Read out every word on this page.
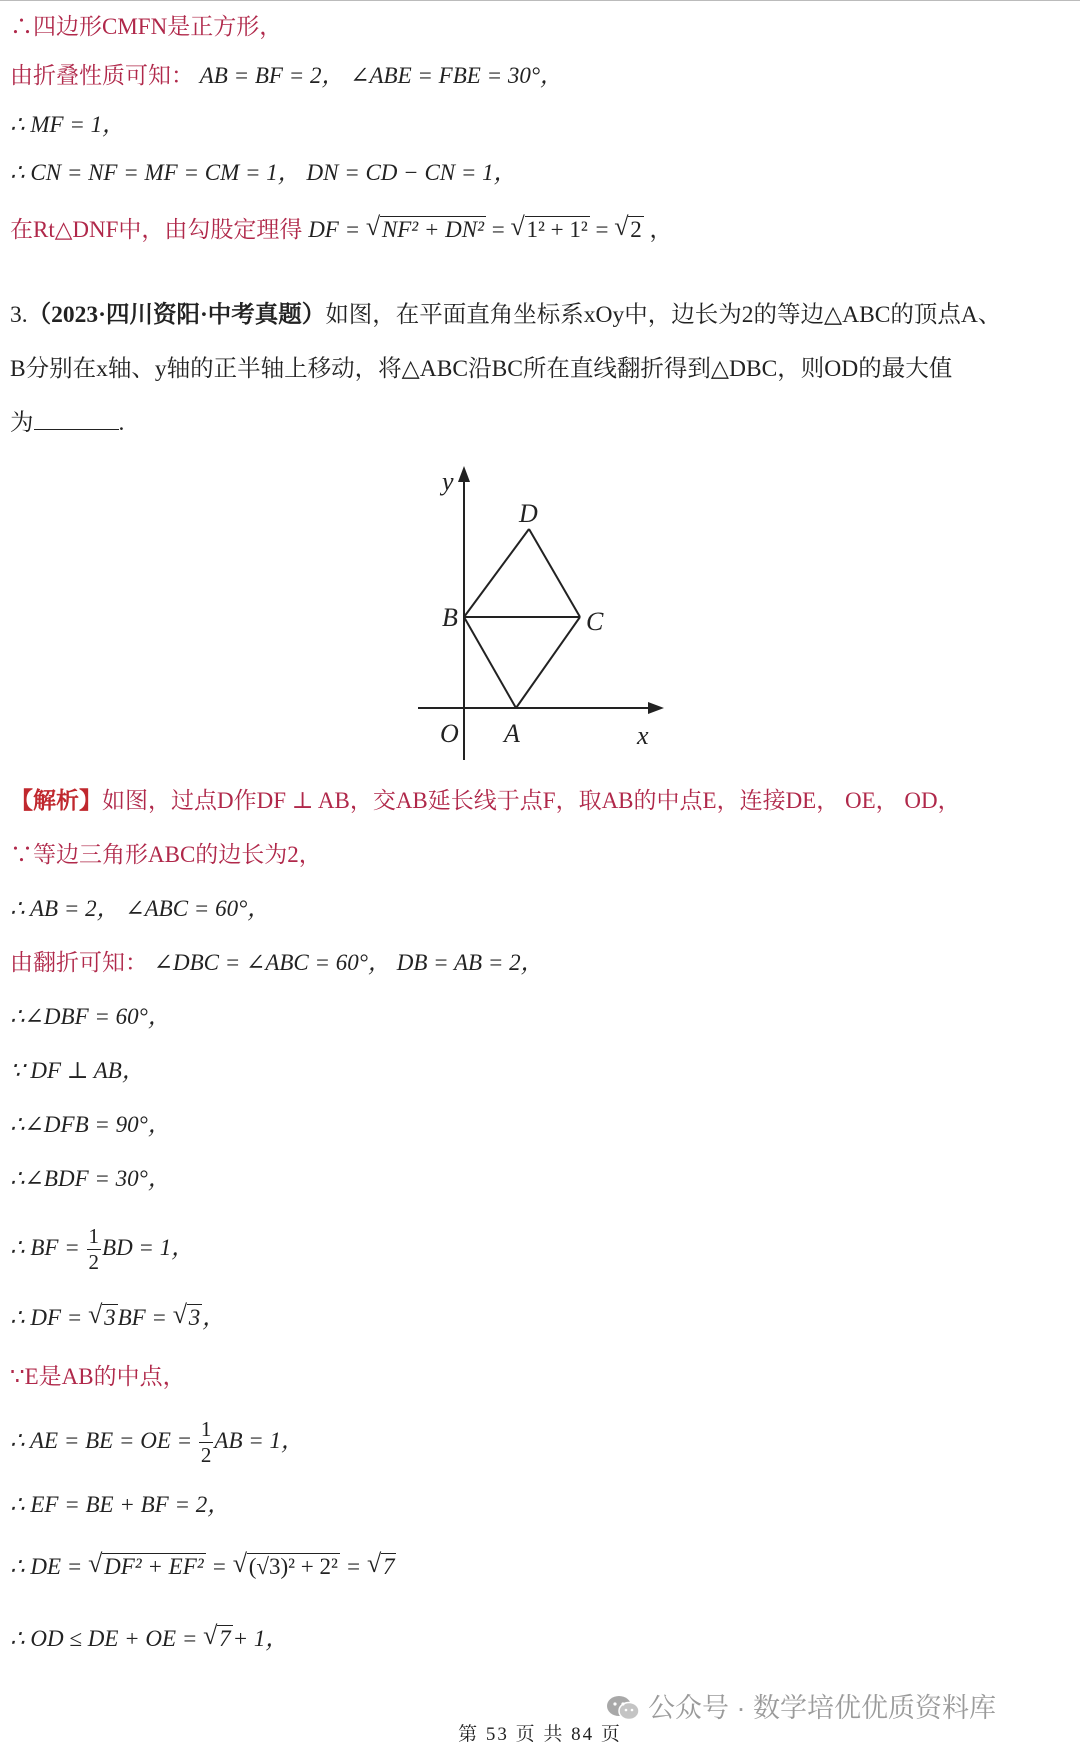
∴四边形CMFN是正方形，
由折叠性质可知： AB = BF = 2， ∠ABE = FBE = 30°，
∴ MF = 1，
∴ CN = NF = MF = CM = 1， DN = CD − CN = 1，
在Rt△DNF中，由勾股定理得 DF = √ NF² + DN² = √ 1² + 1² = √ 2 ，
3.（2023·四川资阳·中考真题）如图，在平面直角坐标系xOy中，边长为2的等边△ABC的顶点A、
B分别在x轴、y轴的正半轴上移动，将△ABC沿BC所在直线翻折得到△DBC，则OD的最大值
为	.
y
x
D
B	C
O A
【解析】如图，过点D作DF ⊥ AB，交AB延长线于点F，取AB的中点E，连接DE， OE， OD，
∵等边三角形ABC的边长为2，
∴ AB = 2， ∠ABC = 60°，
由翻折可知： ∠DBC = ∠ABC = 60°， DB = AB = 2，
∴∠DBF = 60°，
∵ DF ⊥ AB，
∴∠DFB = 90°，
∴∠BDF = 30°，
∴ BF = $\frac{1}{2}$ BD = 1，
∴ DF = √ 3BF = √ 3，
∵E是AB的中点，
∴ AE = BE = OE = $\frac{1}{2}$ AB = 1，
∴ EF = BE + BF = 2，
∴ DE = √ DF² + EF² = √ (√3)² + 2² = √ 7
∴ OD ≤ DE + OE = √ 7+ 1，
公众号 · 数学培优优质资料库
第 53 页 共 84 页
